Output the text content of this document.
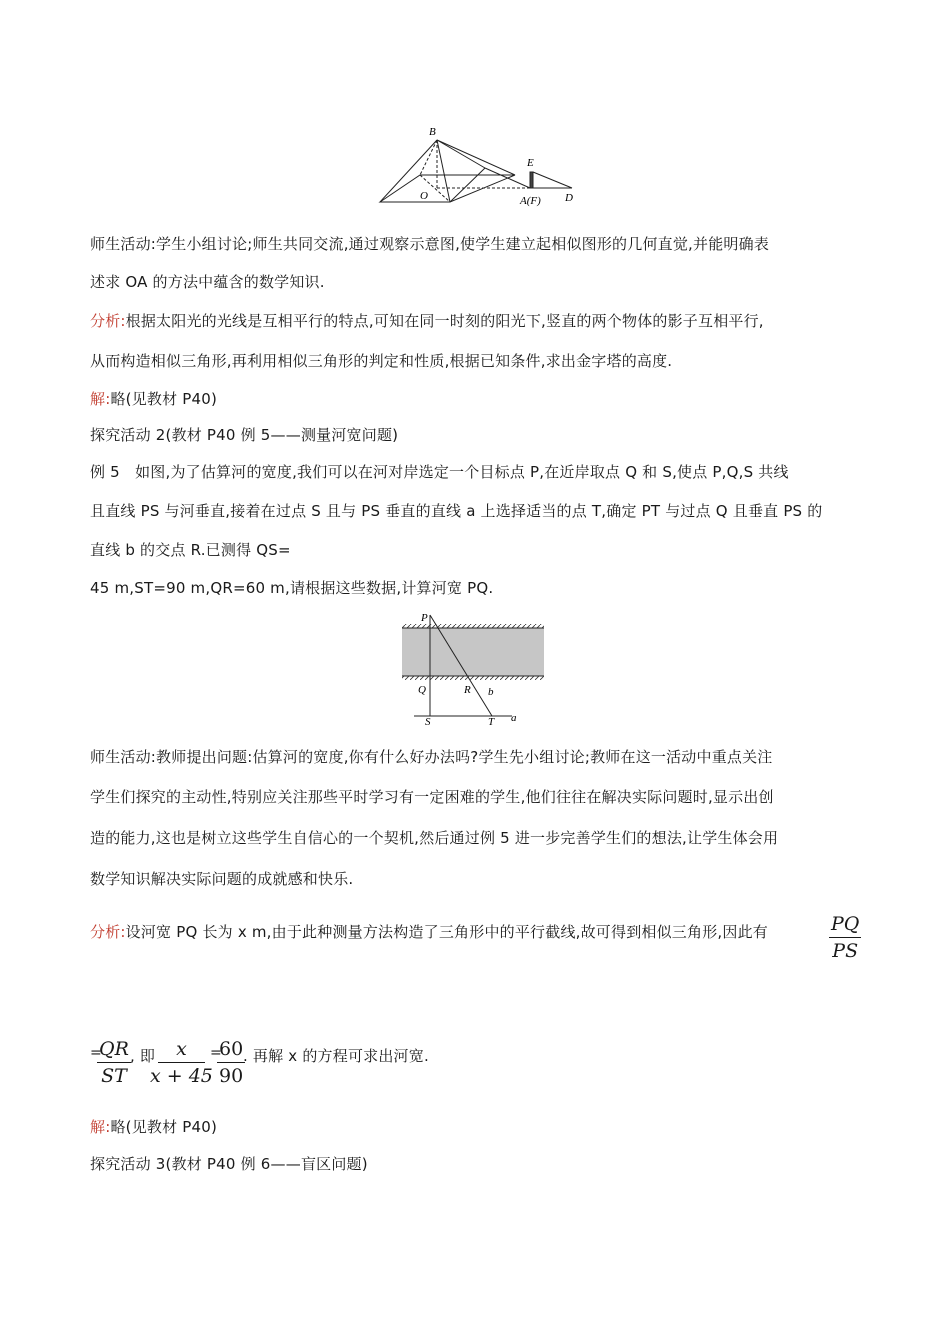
B
E
O	A(F) D
师生活动:学生小组讨论;师生共同交流,通过观察示意图,使学生建立起相似图形的几何直觉,并能明确表
述求 OA 的方法中蕴含的数学知识.
分析:根据太阳光的光线是互相平行的特点,可知在同一时刻的阳光下,竖直的两个物体的影子互相平行,
从而构造相似三角形,再利用相似三角形的判定和性质,根据已知条件,求出金字塔的高度.
解:略(见教材 P40)
探究活动 2(教材 P40 例 5——测量河宽问题)
例 5　如图,为了估算河的宽度,我们可以在河对岸选定一个目标点 P,在近岸取点 Q 和 S,使点 P,Q,S 共线
且直线 PS 与河垂直,接着在过点 S 且与 PS 垂直的直线 a 上选择适当的点 T,确定 PT 与过点 Q 且垂直 PS 的
直线 b 的交点 R.已测得 QS=
45 m,ST=90 m,QR=60 m,请根据这些数据,计算河宽 PQ.
P
Q	R b
S	T a
师生活动:教师提出问题:估算河的宽度,你有什么好办法吗?学生先小组讨论;教师在这一活动中重点关注
学生们探究的主动性,特别应关注那些平时学习有一定困难的学生,他们往往在解决实际问题时,显示出创
造的能力,这也是树立这些学生自信心的一个契机,然后通过例 5 进一步完善学生们的想法,让学生体会用
数学知识解决实际问题的成就感和快乐.
分析:设河宽 PQ 长为 x m,由于此种测量方法构造了三角形中的平行截线,故可得到相似三角形,因此有	$\frac{PQ}{PS}$
=
$\frac{QR}{ST}$ , 即
$\frac{x}{x + 45}$
=
$\frac{60}{90}$
. 再解 x 的方程可求出河宽.
解:略(见教材 P40)
探究活动 3(教材 P40 例 6——盲区问题)
